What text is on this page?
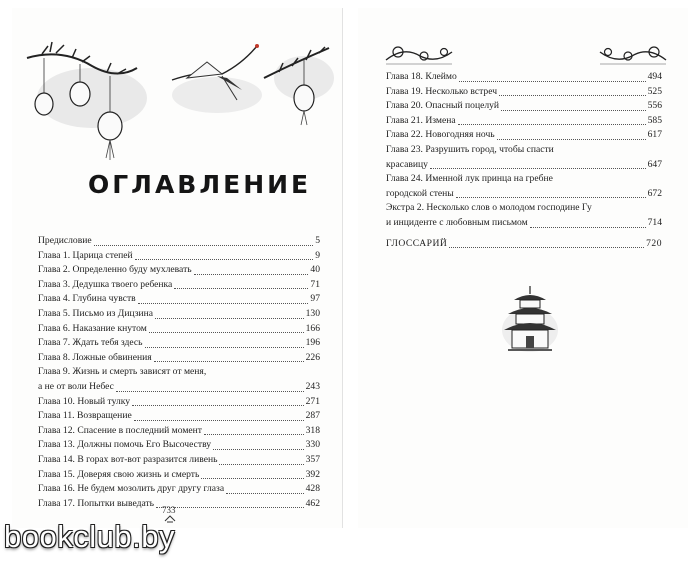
ОГЛАВЛЕНИЕ
Предисловие	5
Глава 1. Царица степей	9
Глава 2. Определенно буду мухлевать	40
Глава 3. Дедушка твоего ребенка	71
Глава 4. Глубина чувств	97
Глава 5. Письмо из Дицзина	130
Глава 6. Наказание кнутом	166
Глава 7. Ждать тебя здесь	196
Глава 8. Ложные обвинения	226
Глава 9. Жизнь и смерть зависят от меня,
а не от воли Небес	243
Глава 10. Новый тулку	271
Глава 11. Возвращение	287
Глава 12. Спасение в последний момент	318
Глава 13. Должны помочь Его Высочеству	330
Глава 14. В горах вот-вот разразится ливень	357
Глава 15. Доверяя свою жизнь и смерть	392
Глава 16. Не будем мозолить друг другу глаза	428
Глава 17. Попытки выведать	462
733
Глава 18. Клеймо	494
Глава 19. Несколько встреч	525
Глава 20. Опасный поцелуй	556
Глава 21. Измена	585
Глава 22. Новогодняя ночь	617
Глава 23. Разрушить город, чтобы спасти
красавицу	647
Глава 24. Именной лук принца на гребне
городской стены	672
Экстра 2. Несколько слов о молодом господине Гу
и инциденте с любовным письмом	714
ГЛОССАРИЙ	720
bookclub.by
